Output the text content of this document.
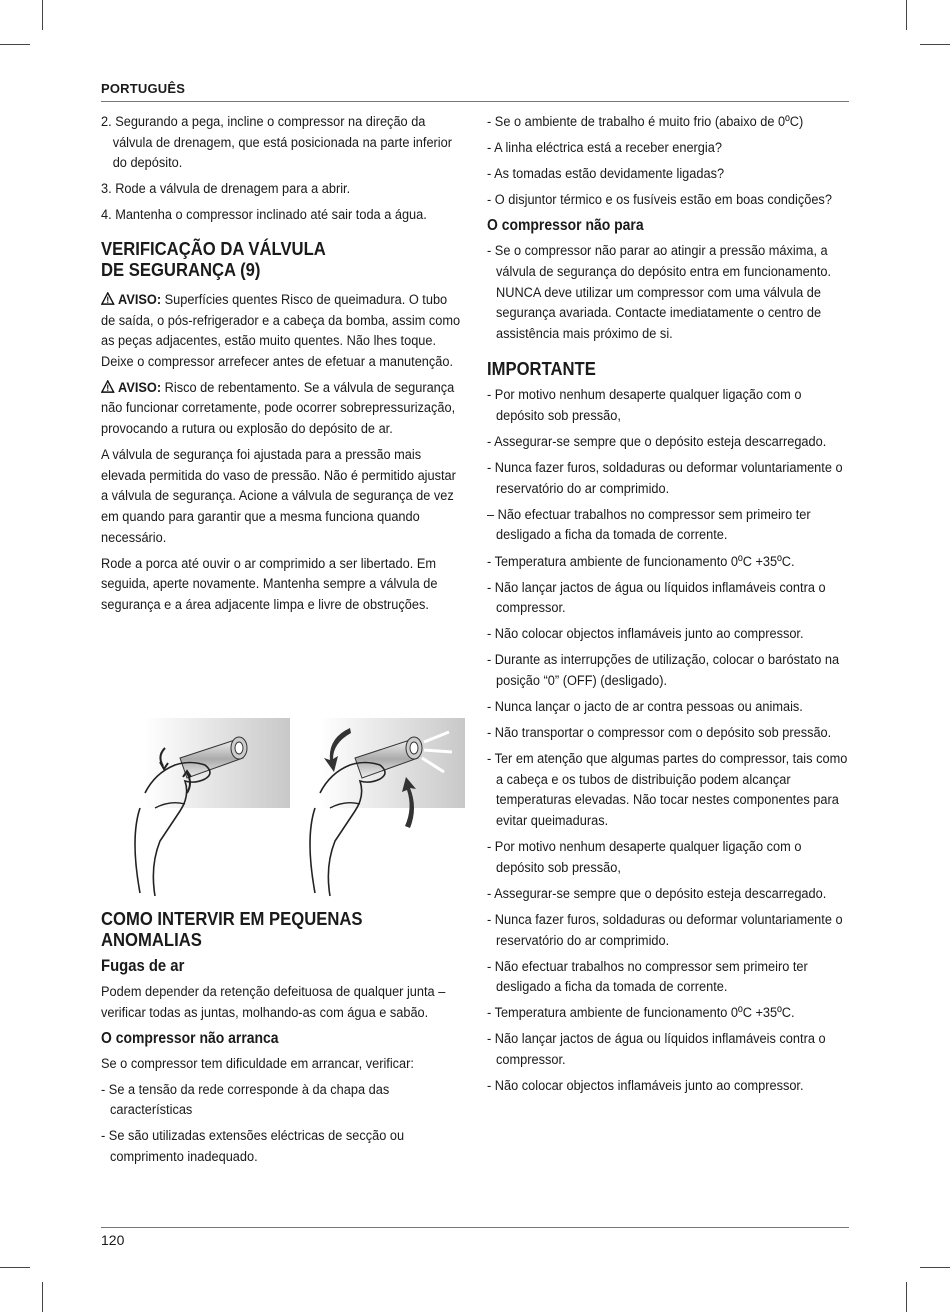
PORTUGUÊS

2. Segurando a pega, incline o compressor na direção da válvula de drenagem, que está posicionada na parte inferior do depósito.

3. Rode a válvula de drenagem para a abrir.

4. Mantenha o compressor inclinado até sair toda a água.

VERIFICAÇÃO DA VÁLVULA
DE SEGURANÇA (9)

AVISO: Superfícies quentes Risco de queimadura. O tubo de saída, o pós-refrigerador e a cabeça da bomba, assim como as peças adjacentes, estão muito quentes. Não lhes toque. Deixe o compressor arrefecer antes de efetuar a manutenção.

AVISO: Risco de rebentamento. Se a válvula de segurança não funcionar corretamente, pode ocorrer sobrepressurização, provocando a rutura ou explosão do depósito de ar.

A válvula de segurança foi ajustada para a pressão mais elevada permitida do vaso de pressão. Não é permitido ajustar a válvula de segurança. Acione a válvula de segurança de vez em quando para garantir que a mesma funciona quando necessário.

Rode a porca até ouvir o ar comprimido a ser libertado. Em seguida, aperte novamente. Mantenha sempre a válvula de segurança e a área adjacente limpa e livre de obstruções.

COMO INTERVIR EM PEQUENAS
ANOMALIAS
Fugas de ar

Podem depender da retenção defeituosa de qualquer junta – verificar todas as juntas, molhando-as com água e sabão.

O compressor não arranca

Se o compressor tem dificuldade em arrancar, verificar:

- Se a tensão da rede corresponde à da chapa das características

- Se são utilizadas extensões eléctricas de secção ou comprimento inadequado.

- Se o ambiente de trabalho é muito frio (abaixo de 0ºC)

- A linha eléctrica está a receber energia?

- As tomadas estão devidamente ligadas?

- O disjuntor térmico e os fusíveis estão em boas condições?

O compressor não para

- Se o compressor não parar ao atingir a pressão máxima, a válvula de segurança do depósito entra em funcionamento. NUNCA deve utilizar um compressor com uma válvula de segurança avariada. Contacte imediatamente o centro de assistência mais próximo de si.

IMPORTANTE

- Por motivo nenhum desaperte qualquer ligação com o depósito sob pressão,

- Assegurar-se sempre que o depósito esteja descarregado.

- Nunca fazer furos, soldaduras ou deformar voluntariamente o reservatório do ar comprimido.

– Não efectuar trabalhos no compressor sem primeiro ter desligado a ficha da tomada de corrente.

- Temperatura ambiente de funcionamento 0ºC +35ºC.

- Não lançar jactos de água ou líquidos inflamáveis contra o compressor.

- Não colocar objectos inflamáveis junto ao compressor.

- Durante as interrupções de utilização, colocar o baróstato na posição “0” (OFF) (desligado).

- Nunca lançar o jacto de ar contra pessoas ou animais.

- Não transportar o compressor com o depósito sob pressão.

- Ter em atenção que algumas partes do compressor, tais como a cabeça e os tubos de distribuição podem alcançar temperaturas elevadas. Não tocar nestes componentes para evitar queimaduras.

- Por motivo nenhum desaperte qualquer ligação com o depósito sob pressão,

- Assegurar-se sempre que o depósito esteja descarregado.

- Nunca fazer furos, soldaduras ou deformar voluntariamente o reservatório do ar comprimido.

- Não efectuar trabalhos no compressor sem primeiro ter desligado a ficha da tomada de corrente.

- Temperatura ambiente de funcionamento 0ºC +35ºC.

- Não lançar jactos de água ou líquidos inflamáveis contra o compressor.

- Não colocar objectos inflamáveis junto ao compressor.

120
